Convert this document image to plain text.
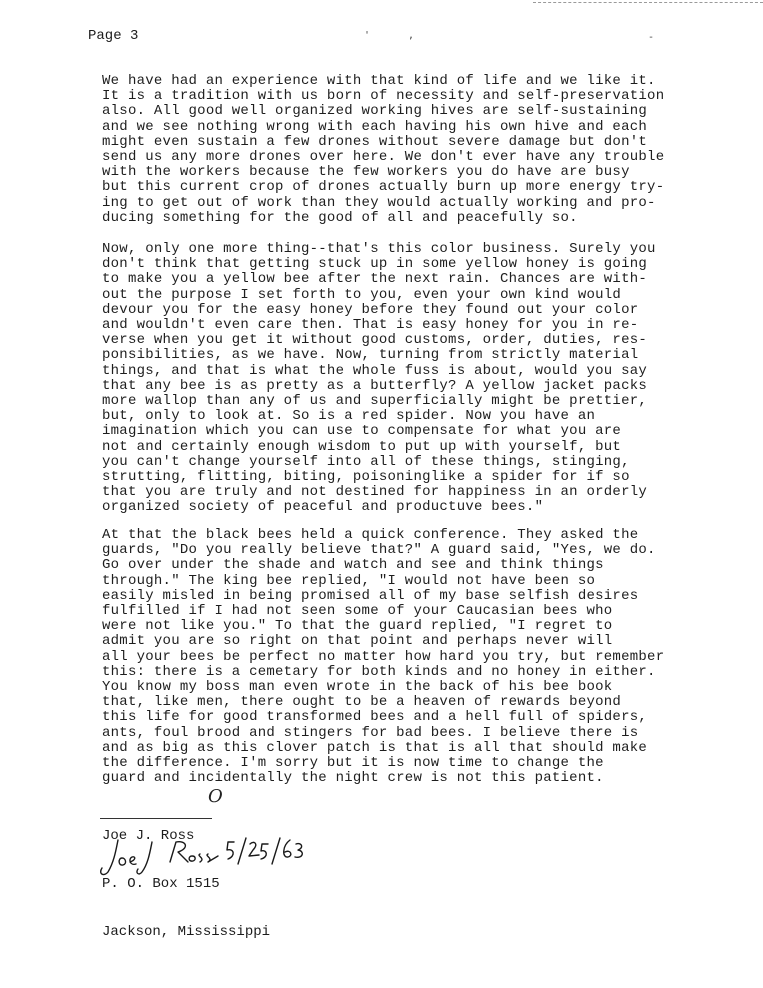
Page 3	'	,	-

We have had an experience with that kind of life and we like it.
It is a tradition with us born of necessity and self-preservation
also. All good well organized working hives are self-sustaining
and we see nothing wrong with each having his own hive and each
might even sustain a few drones without severe damage but don't
send us any more drones over here. We don't ever have any trouble
with the workers because the few workers you do have are busy
but this current crop of drones actually burn up more energy try-
ing to get out of work than they would actually working and pro-
ducing something for the good of all and peacefully so.

Now, only one more thing--that's this color business. Surely you
don't think that getting stuck up in some yellow honey is going
to make you a yellow bee after the next rain. Chances are with-
out the purpose I set forth to you, even your own kind would
devour you for the easy honey before they found out your color
and wouldn't even care then. That is easy honey for you in re-
verse when you get it without good customs, order, duties, res-
ponsibilities, as we have. Now, turning from strictly material
things, and that is what the whole fuss is about, would you say
that any bee is as pretty as a butterfly? A yellow jacket packs
more wallop than any of us and superficially might be prettier,
but, only to look at. So is a red spider. Now you have an
imagination which you can use to compensate for what you are
not and certainly enough wisdom to put up with yourself, but
you can't change yourself into all of these things, stinging,
strutting, flitting, biting, poisoninglike a spider for if so
that you are truly and not destined for happiness in an orderly
organized society of peaceful and productuve bees."

At that the black bees held a quick conference. They asked the
guards, "Do you really believe that?" A guard said, "Yes, we do.
Go over under the shade and watch and see and think things
through." The king bee replied, "I would not have been so
easily misled in being promised all of my base selfish desires
fulfilled if I had not seen some of your Caucasian bees who
were not like you." To that the guard replied, "I regret to
admit you are so right on that point and perhaps never will
all your bees be perfect no matter how hard you try, but remember
this: there is a cemetary for both kinds and no honey in either.
You know my boss man even wrote in the back of his bee book
that, like men, there ought to be a heaven of rewards beyond
this life for good transformed bees and a hell full of spiders,
ants, foul brood and stingers for bad bees. I believe there is
and as big as this clover patch is that is all that should make
the difference. I'm sorry but it is now time to change the
guard and incidentally the night crew is not this patient.

Joe J. Ross

P. O. Box 1515

Jackson, Mississippi

O
